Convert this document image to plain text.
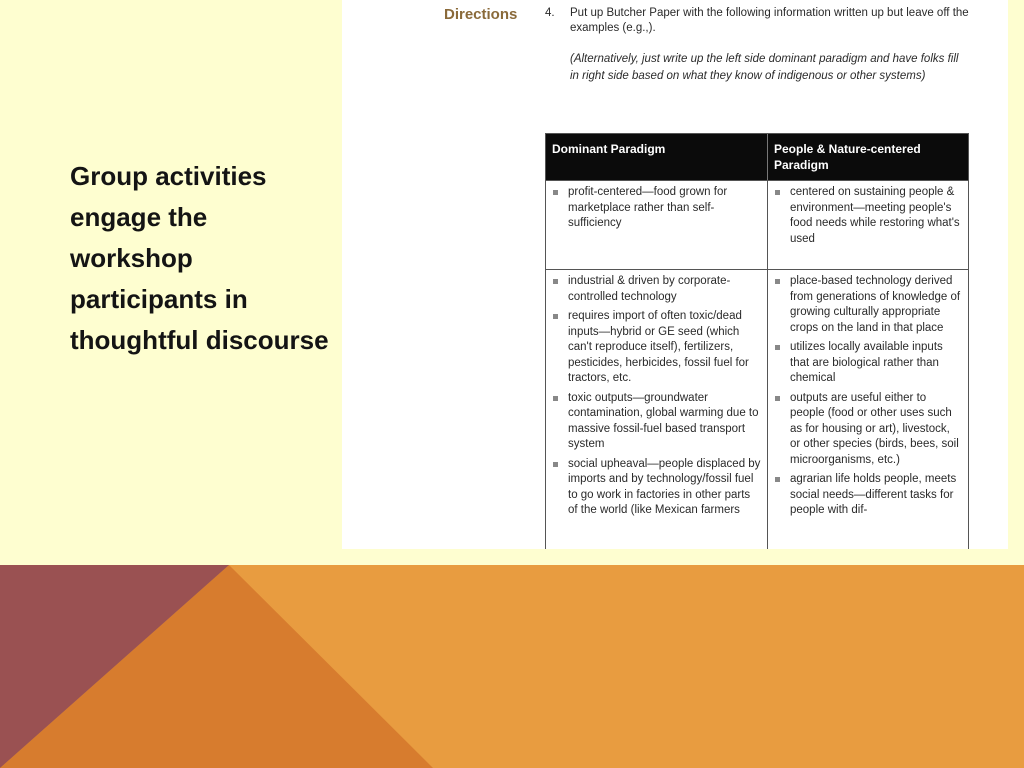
Group activities engage the workshop participants in thoughtful discourse

Directions 4. Put up Butcher Paper with the following information written up but leave off the examples (e.g.,).
(Alternatively, just write up the left side dominant paradigm and have folks fill in right side based on what they know of indigenous or other systems)
Dominant Paradigm	People & Nature-centered Paradigm
profit-centered—food grown for marketplace rather than self-sufficiency
centered on sustaining people & environment—meeting people's food needs while restoring what's used
industrial & driven by corporate-controlled technology
requires import of often toxic/dead inputs—hybrid or GE seed (which can't reproduce itself), fertilizers, pesticides, herbicides, fossil fuel for tractors, etc.
toxic outputs—groundwater contamination, global warming due to massive fossil-fuel based transport system
social upheaval—people displaced by imports and by technology/fossil fuel to go work in factories in other parts of the world (like Mexican farmers
place-based technology derived from generations of knowledge of growing culturally appropriate crops on the land in that place
utilizes locally available inputs that are biological rather than chemical
outputs are useful either to people (food or other uses such as for housing or art), livestock, or other species (birds, bees, soil microorganisms, etc.)
agrarian life holds people, meets social needs—different tasks for people with dif-
